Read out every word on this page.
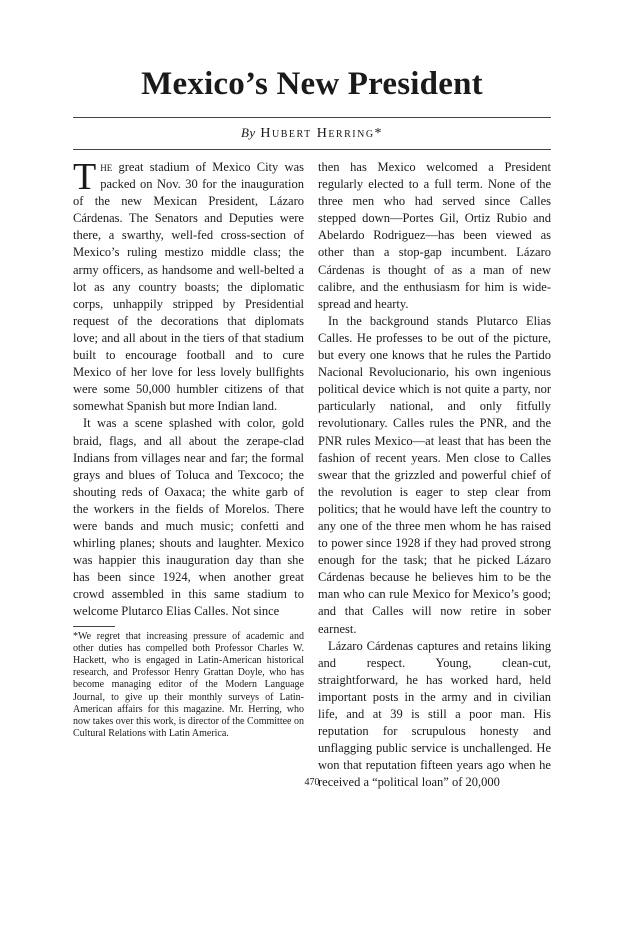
Mexico’s New President
By Hubert Herring*

The great stadium of Mexico City was packed on Nov. 30 for the inauguration of the new Mexican President, Lázaro Cárdenas. The Senators and Deputies were there, a swarthy, well-fed cross-section of Mexico’s ruling mestizo middle class; the army officers, as handsome and well-belted a lot as any country boasts; the diplomatic corps, unhappily stripped by Presidential request of the decorations that diplomats love; and all about in the tiers of that stadium built to encourage football and to cure Mexico of her love for less lovely bullfights were some 50,000 humbler citizens of that somewhat Spanish but more Indian land.

It was a scene splashed with color, gold braid, flags, and all about the zerape-clad Indians from villages near and far; the formal grays and blues of Toluca and Texcoco; the shouting reds of Oaxaca; the white garb of the workers in the fields of Morelos. There were bands and much music; confetti and whirling planes; shouts and laughter. Mexico was happier this inauguration day than she has been since 1924, when another great crowd assembled in this same stadium to welcome Plutarco Elias Calles. Not since

*We regret that increasing pressure of academic and other duties has compelled both Professor Charles W. Hackett, who is engaged in Latin-American historical research, and Professor Henry Grattan Doyle, who has become managing editor of the Modern Language Journal, to give up their monthly surveys of Latin-American affairs for this magazine. Mr. Herring, who now takes over this work, is director of the Committee on Cultural Relations with Latin America.

then has Mexico welcomed a President regularly elected to a full term. None of the three men who had served since Calles stepped down—Portes Gil, Ortiz Rubio and Abelardo Rodriguez—has been viewed as other than a stop-gap incumbent. Lázaro Cárdenas is thought of as a man of new calibre, and the enthusiasm for him is wide-spread and hearty.

In the background stands Plutarco Elias Calles. He professes to be out of the picture, but every one knows that he rules the Partido Nacional Revolucionario, his own ingenious political device which is not quite a party, nor particularly national, and only fitfully revolutionary. Calles rules the PNR, and the PNR rules Mexico—at least that has been the fashion of recent years. Men close to Calles swear that the grizzled and powerful chief of the revolution is eager to step clear from politics; that he would have left the country to any one of the three men whom he has raised to power since 1928 if they had proved strong enough for the task; that he picked Lázaro Cárdenas because he believes him to be the man who can rule Mexico for Mexico’s good; and that Calles will now retire in sober earnest.

Lázaro Cárdenas captures and retains liking and respect. Young, clean-cut, straightforward, he has worked hard, held important posts in the army and in civilian life, and at 39 is still a poor man. His reputation for scrupulous honesty and unflagging public service is unchallenged. He won that reputation fifteen years ago when he received a “political loan” of 20,000

470
